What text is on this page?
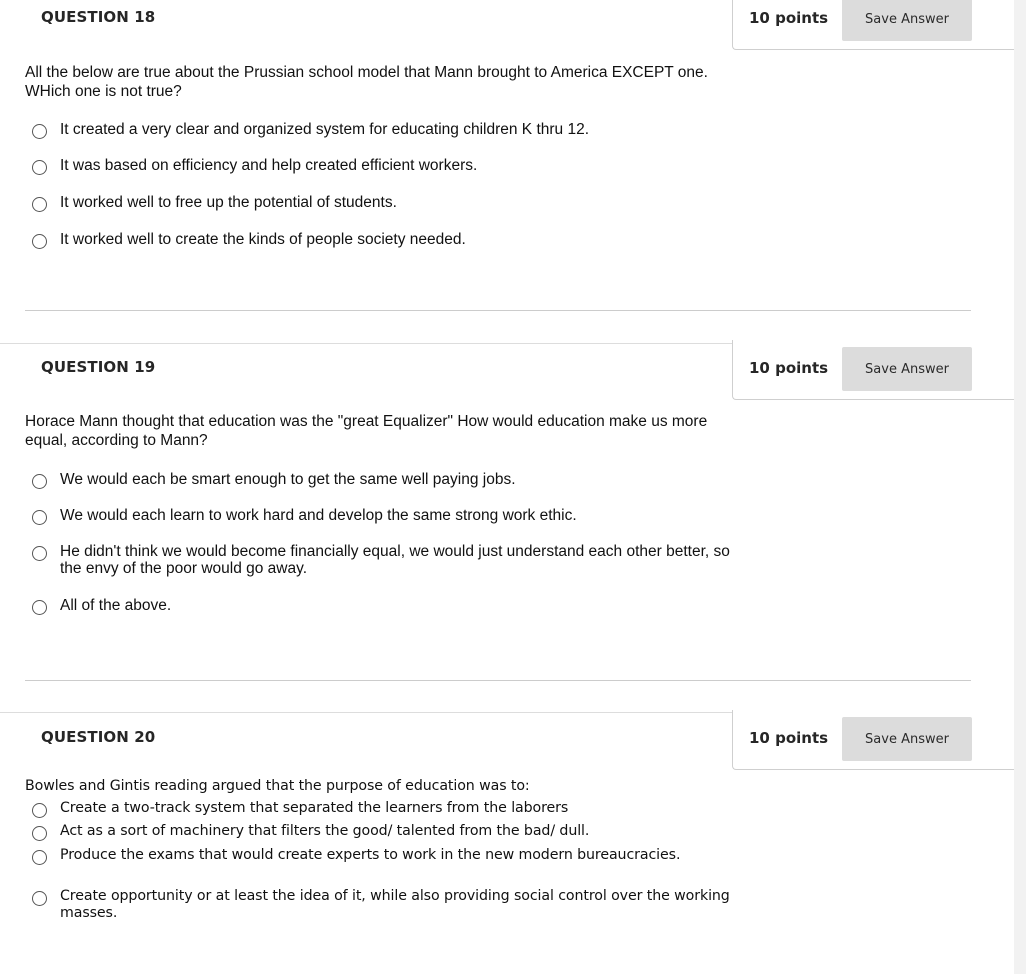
QUESTION 18	10 points	Save Answer
All the below are true about the Prussian school model that Mann brought to America EXCEPT one. WHich one is not true?
It created a very clear and organized system for educating children K thru 12.
It was based on efficiency and help created efficient workers.
It worked well to free up the potential of students.
It worked well to create the kinds of people society needed.
QUESTION 19	10 points	Save Answer
Horace Mann thought that education was the "great Equalizer" How would education make us more equal, according to Mann?
We would each be smart enough to get the same well paying jobs.
We would each learn to work hard and develop the same strong work ethic.
He didn't think we would become financially equal, we would just understand each other better, so the envy of the poor would go away.
All of the above.
QUESTION 20	10 points	Save Answer
Bowles and Gintis reading argued that the purpose of education was to:
Create a two-track system that separated the learners from the laborers
Act as a sort of machinery that filters the good/ talented from the bad/ dull.
Produce the exams that would create experts to work in the new modern bureaucracies.
Create opportunity or at least the idea of it, while also providing social control over the working masses.
